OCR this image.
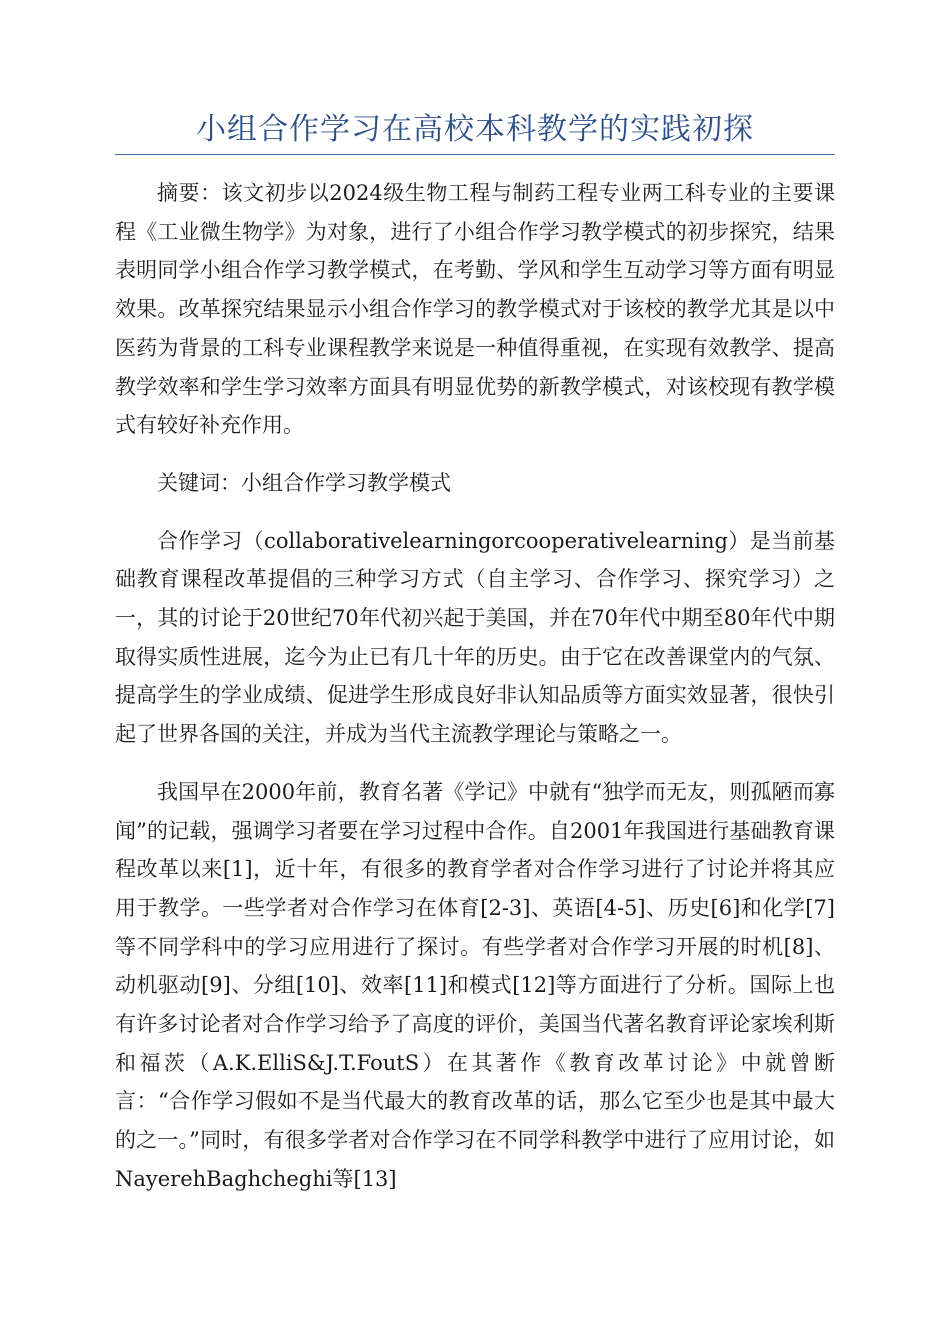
小组合作学习在高校本科教学的实践初探

摘要：该文初步以2024级生物工程与制药工程专业两工科专业的主要课程《工业微生物学》为对象，进行了小组合作学习教学模式的初步探究，结果表明同学小组合作学习教学模式，在考勤、学风和学生互动学习等方面有明显效果。改革探究结果显示小组合作学习的教学模式对于该校的教学尤其是以中医药为背景的工科专业课程教学来说是一种值得重视，在实现有效教学、提高教学效率和学生学习效率方面具有明显优势的新教学模式，对该校现有教学模式有较好补充作用。

关键词：小组合作学习教学模式

合作学习（collaborativelearningorcooperativelearning）是当前基础教育课程改革提倡的三种学习方式（自主学习、合作学习、探究学习）之一，其的讨论于20世纪70年代初兴起于美国，并在70年代中期至80年代中期取得实质性进展，迄今为止已有几十年的历史。由于它在改善课堂内的气氛、提高学生的学业成绩、促进学生形成良好非认知品质等方面实效显著，很快引起了世界各国的关注，并成为当代主流教学理论与策略之一。

我国早在2000年前，教育名著《学记》中就有“独学而无友，则孤陋而寡闻”的记载，强调学习者要在学习过程中合作。自2001年我国进行基础教育课程改革以来[1]，近十年，有很多的教育学者对合作学习进行了讨论并将其应用于教学。一些学者对合作学习在体育[2-3]、英语[4-5]、历史[6]和化学[7]等不同学科中的学习应用进行了探讨。有些学者对合作学习开展的时机[8]、动机驱动[9]、分组[10]、效率[11]和模式[12]等方面进行了分析。国际上也有许多讨论者对合作学习给予了高度的评价，美国当代著名教育评论家埃利斯和福茨（A.K.ElliS&J.T.FoutS）在其著作《教育改革讨论》中就曾断言：“合作学习假如不是当代最大的教育改革的话，那么它至少也是其中最大的之一。”同时，有很多学者对合作学习在不同学科教学中进行了应用讨论，如NayerehBaghcheghi等[13]
